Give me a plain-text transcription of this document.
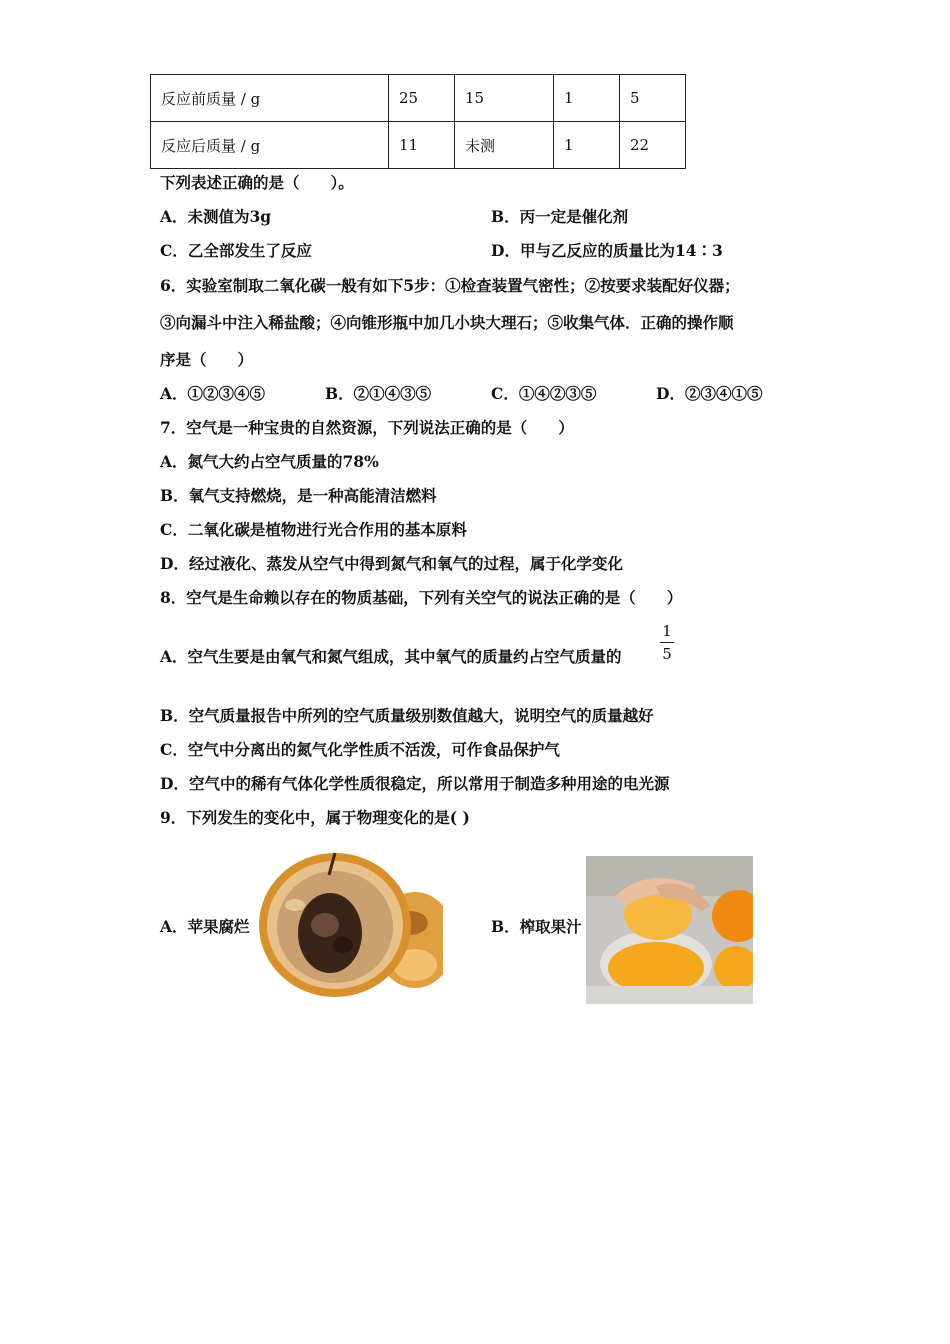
反应前质量 / g	25	15	1	5
反应后质量 / g	11	未测	1	22
下列表述正确的是（　　）。
A．未测值为3g	B．丙一定是催化剂
C．乙全部发生了反应	D．甲与乙反应的质量比为14∶3
6．实验室制取二氧化碳一般有如下5步：①检查装置气密性；②按要求装配好仪器；
③向漏斗中注入稀盐酸；④向锥形瓶中加几小块大理石；⑤收集气体．正确的操作顺
序是（　　）
A．①②③④⑤	B．②①④③⑤	C．①④②③⑤	D．②③④①⑤
7．空气是一种宝贵的自然资源，下列说法正确的是（　　）
A．氮气大约占空气质量的78%
B．氧气支持燃烧，是一种高能清洁燃料
C．二氧化碳是植物进行光合作用的基本原料
D．经过液化、蒸发从空气中得到氮气和氧气的过程，属于化学变化
8．空气是生命赖以存在的物质基础，下列有关空气的说法正确的是（　　）
A．空气生要是由氧气和氮气组成，其中氧气的质量约占空气质量的
1
5
B．空气质量报告中所列的空气质量级别数值越大，说明空气的质量越好
C．空气中分离出的氮气化学性质不活泼，可作食品保护气
D．空气中的稀有气体化学性质很稳定，所以常用于制造多种用途的电光源
9．下列发生的变化中，属于物理变化的是( )
A．苹果腐烂	B．榨取果汁
